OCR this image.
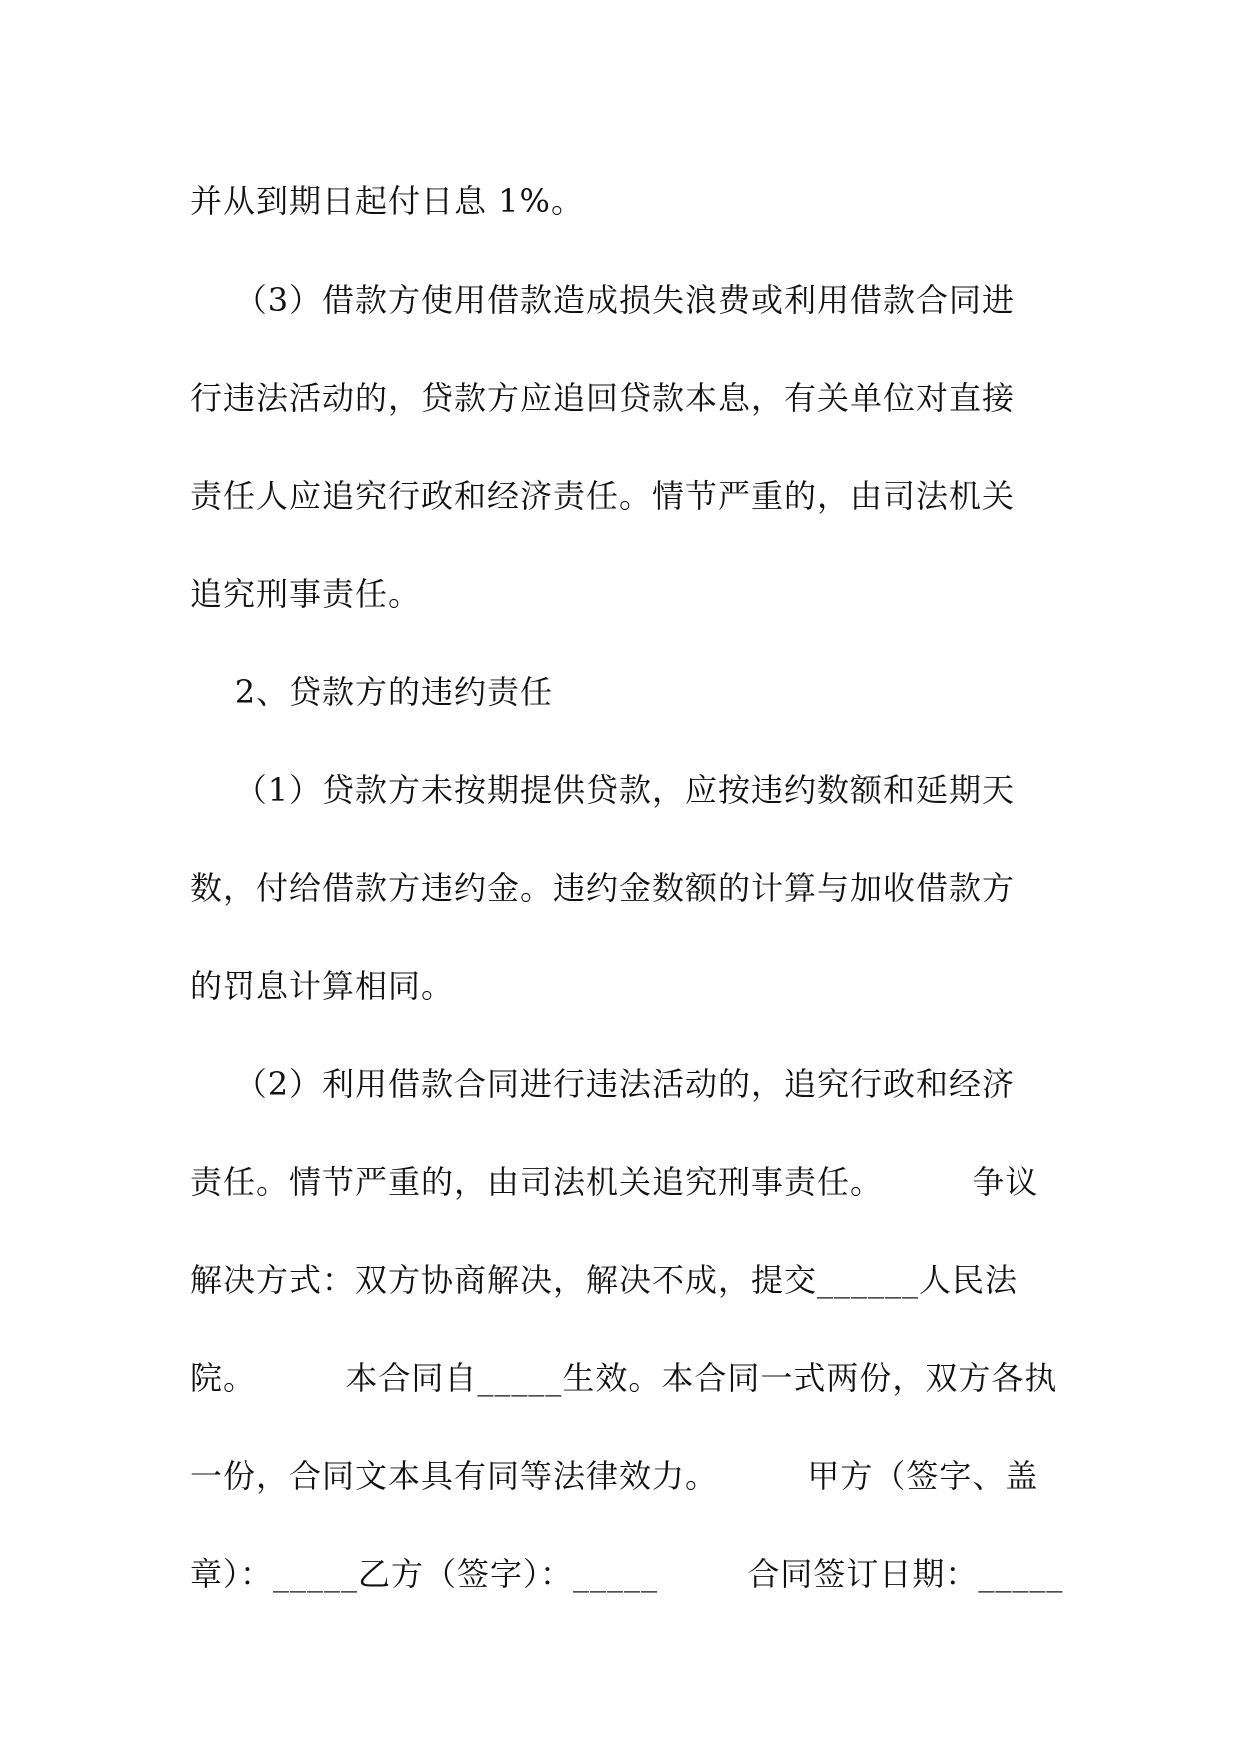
并从到期日起付日息 1%。
（3）借款方使用借款造成损失浪费或利用借款合同进
行违法活动的，贷款方应追回贷款本息，有关单位对直接
责任人应追究行政和经济责任。情节严重的，由司法机关
追究刑事责任。
2、贷款方的违约责任
（1）贷款方未按期提供贷款，应按违约数额和延期天
数，付给借款方违约金。违约金数额的计算与加收借款方
的罚息计算相同。
（2）利用借款合同进行违法活动的，追究行政和经济
责任。情节严重的，由司法机关追究刑事责任。        争议
解决方式：双方协商解决，解决不成，提交______人民法
院。        本合同自_____生效。本合同一式两份，双方各执
一份，合同文本具有同等法律效力。        甲方（签字、盖
章）：_____乙方（签字）：_____        合同签订日期：_____
